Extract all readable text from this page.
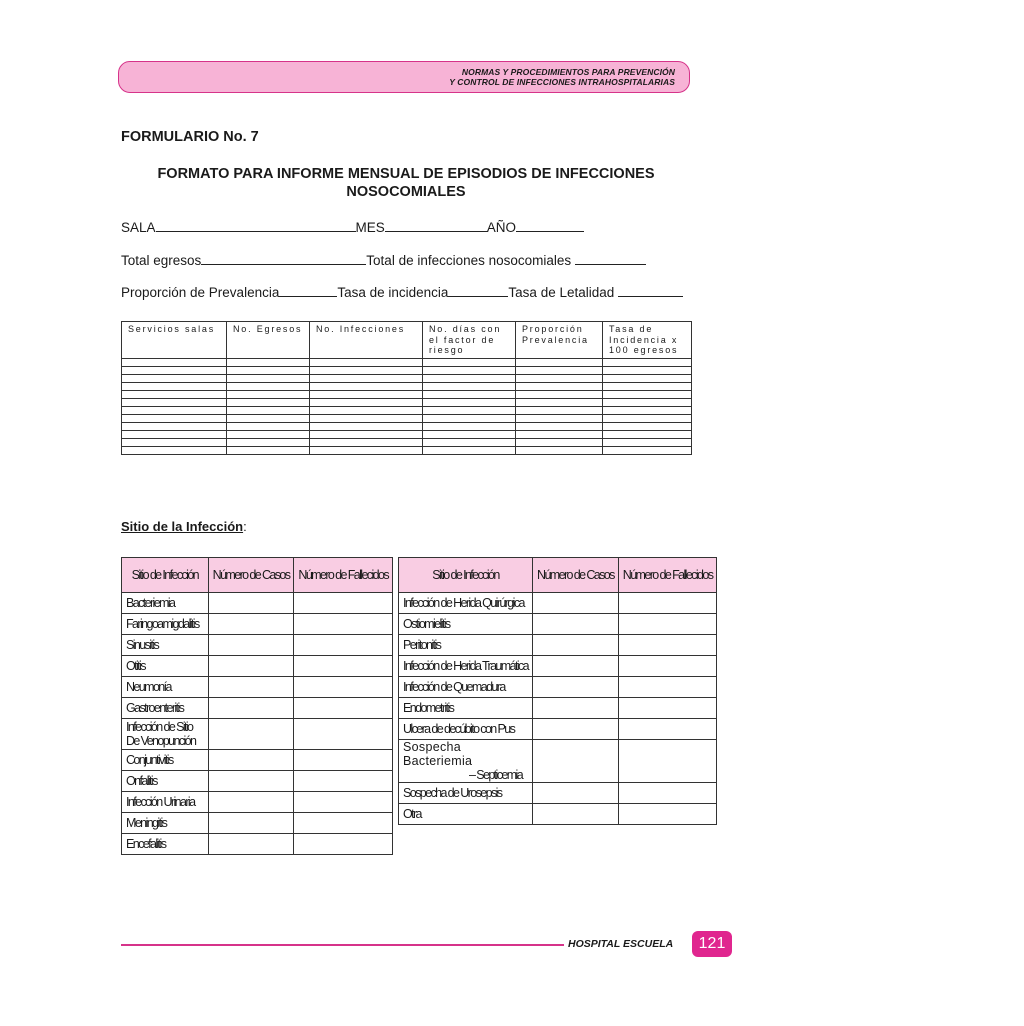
NORMAS Y PROCEDIMIENTOS PARA PREVENCIÓN
Y CONTROL DE INFECCIONES INTRAHOSPITALARIAS
FORMULARIO No. 7
FORMATO PARA INFORME MENSUAL DE EPISODIOS DE INFECCIONES
NOSOCOMIALES
SALA	MES	AÑO
Total egresos	Total de infecciones nosocomiales
Proporción de Prevalencia	Tasa de incidencia	Tasa de Letalidad
Servicios salas	No. Egresos	No. Infecciones	No. días con el factor de riesgo	Proporción Prevalencia	Tasa de Incidencia x 100 egresos

Sitio de la Infección:
Sitio de Infección	Número de Casos	Número de Fallecidos
Bacteriemia		
Faringoamigdalitis		
Sinusitis		
Otitis		
Neumonía		
Gastroenteritis		
Infección de Sitio De Venopunción		
Conjuntivitis		
Onfalitis		
Infección Urinaria		
Meningitis		
Encefalitis		
Sitio de Infección	Número de Casos	Número de Fallecidos
Infección de Herida Quirúrgica		
Ostiomielitis		
Peritonitis		
Infección de Herida Traumática		
Infección de Quemadura		
Endometritis		
Ulcera de decúbito con Pus		

Sospecha Bacteriemia
– Septicemia		

Sospecha de Urosepsis		
Otra		
HOSPITAL ESCUELA	121
